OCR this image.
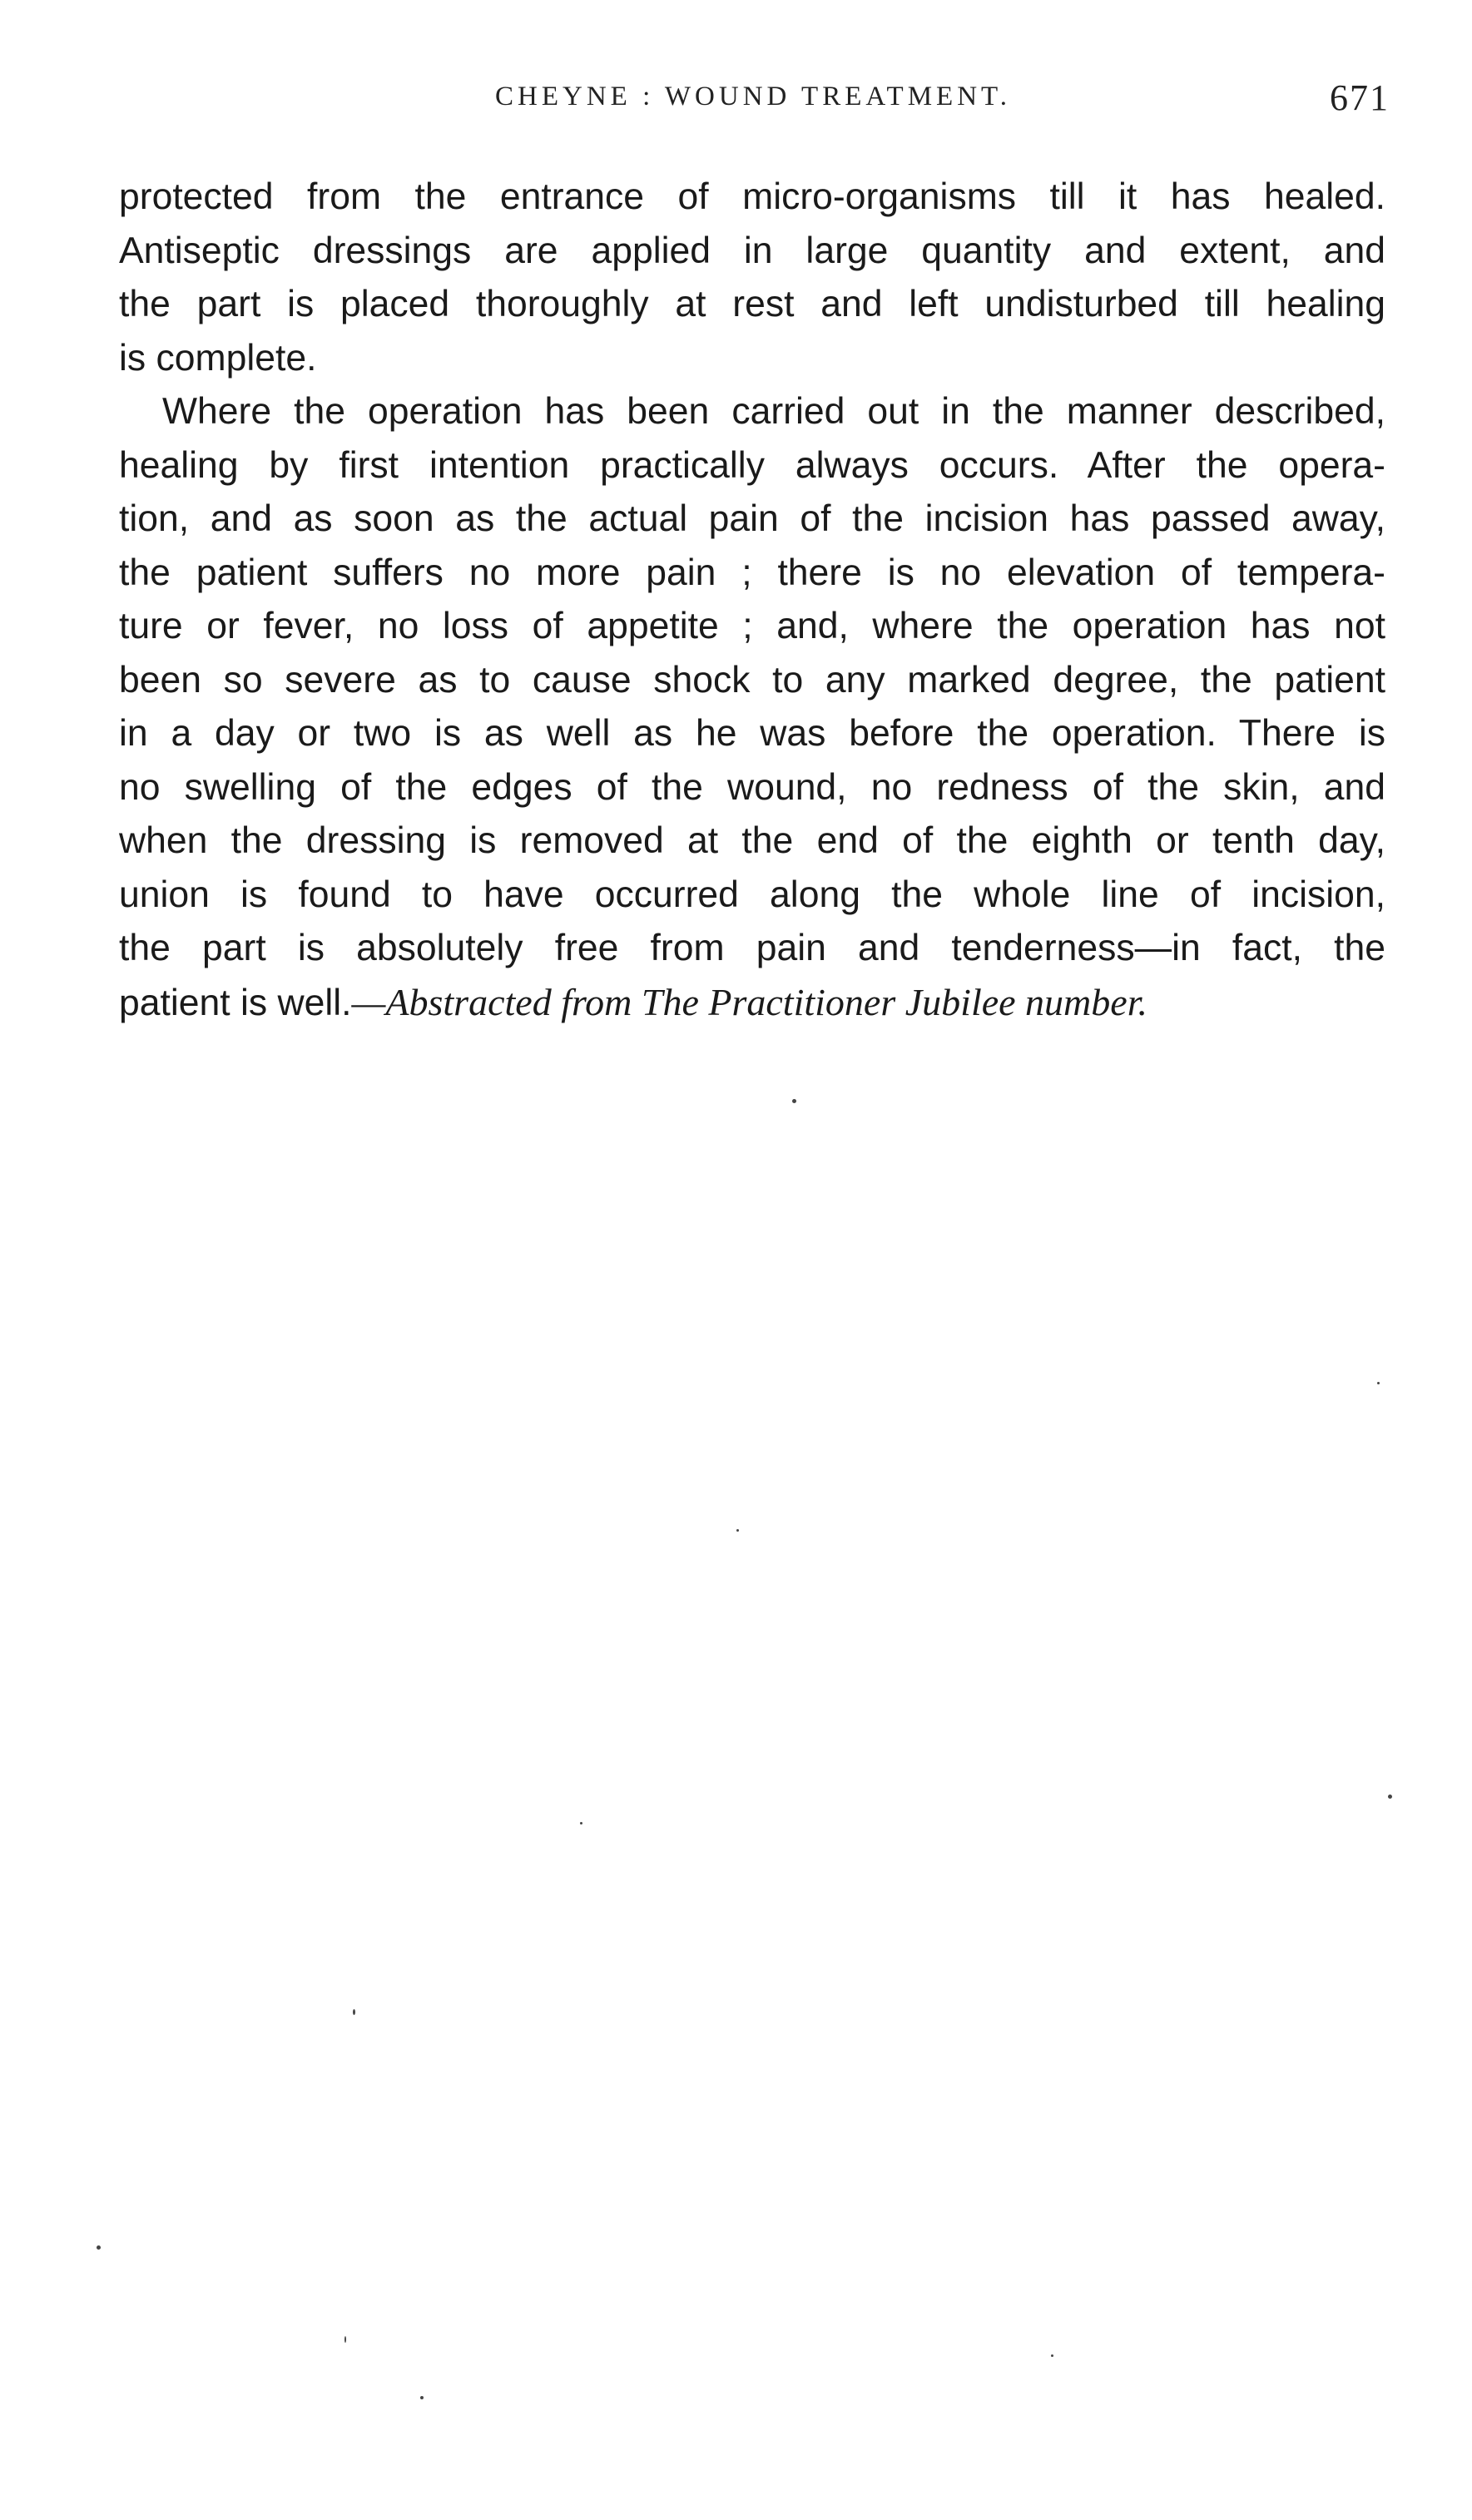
CHEYNE : WOUND TREATMENT.	671
protected from the entrance of micro-organisms till it has healed.
Antiseptic dressings are applied in large quantity and extent, and
the part is placed thoroughly at rest and left undisturbed till healing
is complete.
Where the operation has been carried out in the manner described,
healing by first intention practically always occurs. After the opera-
tion, and as soon as the actual pain of the incision has passed away,
the patient suffers no more pain ; there is no elevation of tempera-
ture or fever, no loss of appetite ; and, where the operation has not
been so severe as to cause shock to any marked degree, the patient
in a day or two is as well as he was before the operation. There is
no swelling of the edges of the wound, no redness of the skin, and
when the dressing is removed at the end of the eighth or tenth day,
union is found to have occurred along the whole line of incision,
the part is absolutely free from pain and tenderness—in fact, the
patient is well.—Abstracted from The Practitioner Jubilee number.
